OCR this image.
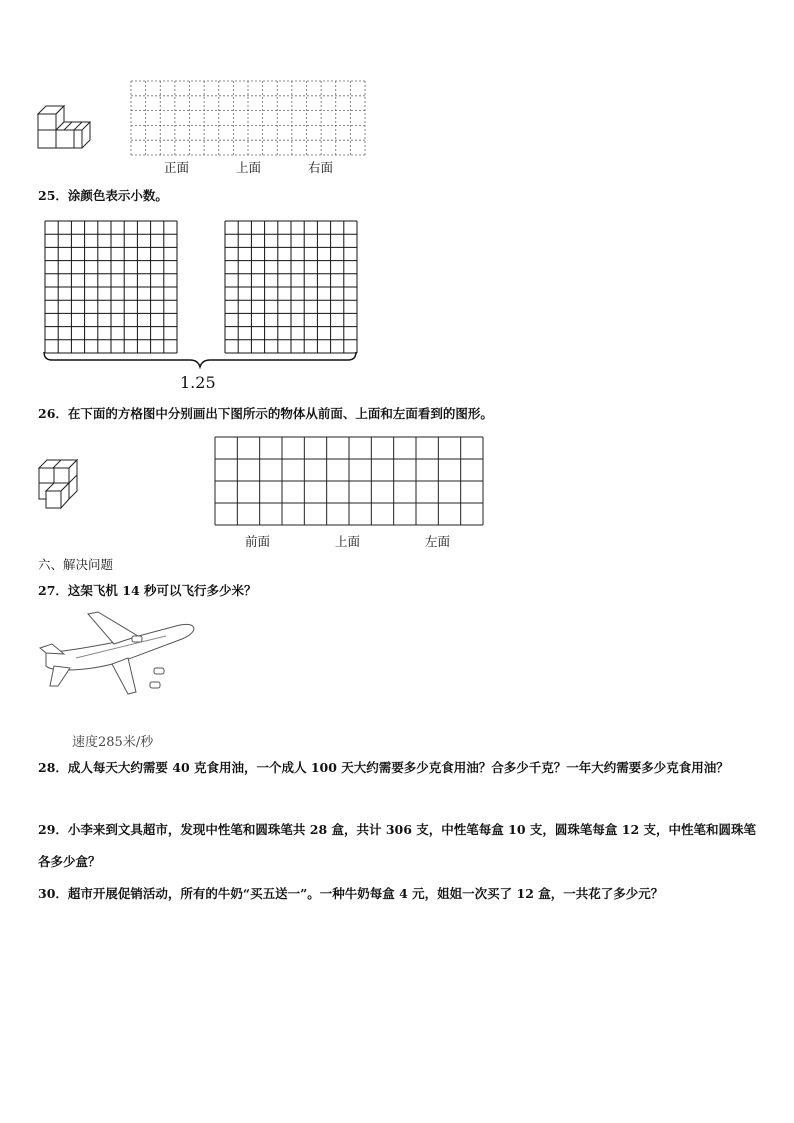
正面	上面	右面
25．涂颜色表示小数。
1.25
26．在下面的方格图中分别画出下图所示的物体从前面、上面和左面看到的图形。
前面	上面	左面
六、解决问题
27．这架飞机 14 秒可以飞行多少米？
速度285米/秒
28．成人每天大约需要 40 克食用油，一个成人 100 天大约需要多少克食用油？合多少千克？一年大约需要多少克食用油？
29．小李来到文具超市，发现中性笔和圆珠笔共 28 盒，共计 306 支，中性笔每盒 10 支，圆珠笔每盒 12 支，中性笔和圆珠笔各多少盒？
30．超市开展促销活动，所有的牛奶“买五送一”。一种牛奶每盒 4 元，姐姐一次买了 12 盒，一共花了多少元？
